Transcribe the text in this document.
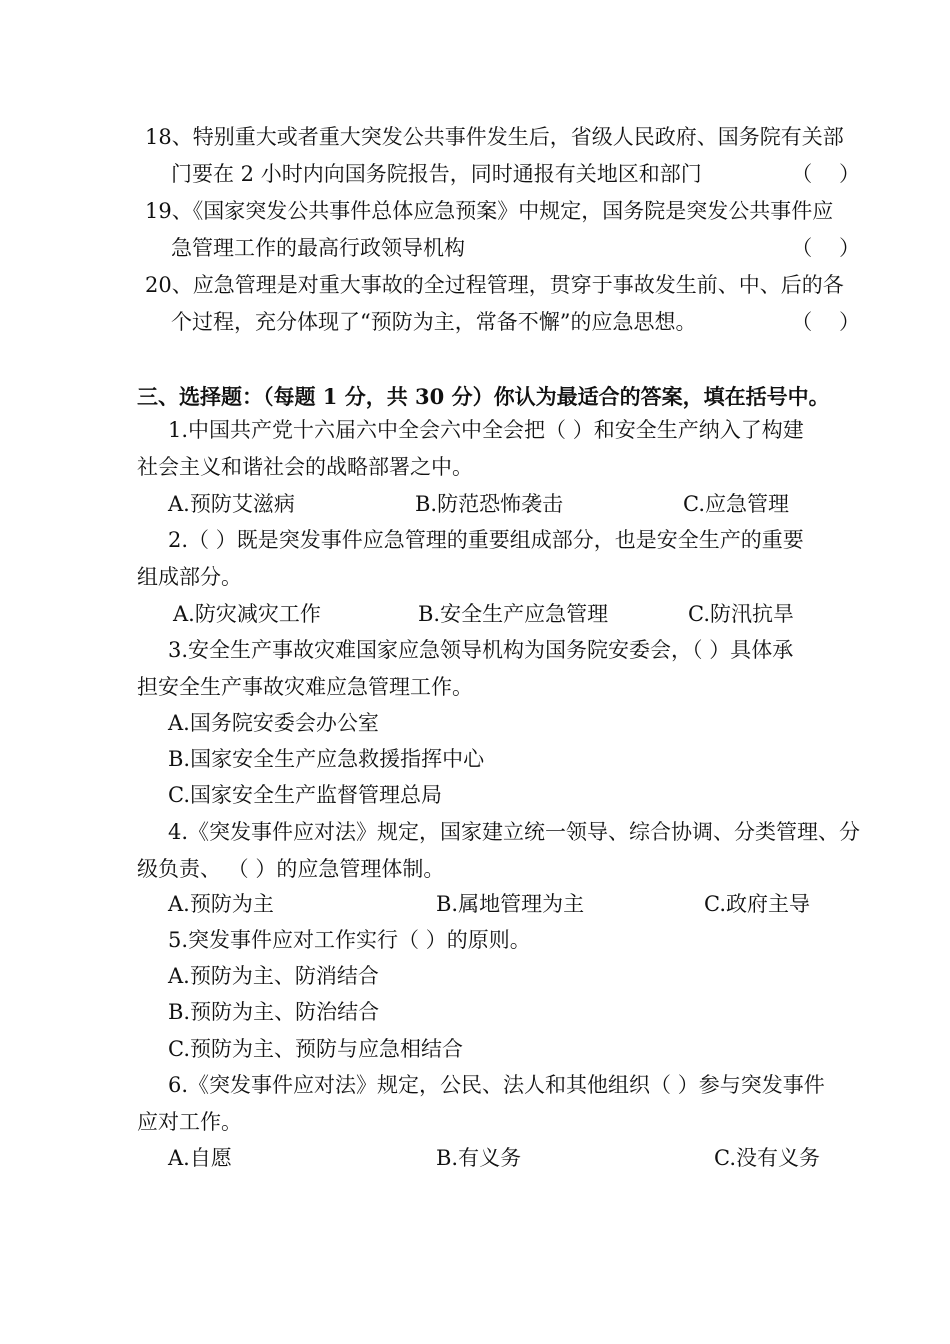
18、特别重大或者重大突发公共事件发生后，省级人民政府、国务院有关部
门要在 2 小时内向国务院报告，同时通报有关地区和部门	（    ）
19、《国家突发公共事件总体应急预案》中规定，国务院是突发公共事件应
急管理工作的最高行政领导机构	（    ）
20、应急管理是对重大事故的全过程管理，贯穿于事故发生前、中、后的各
个过程，充分体现了“预防为主，常备不懈”的应急思想。	（    ）
三、选择题：（每题 1 分，共 30 分）你认为最适合的答案，填在括号中。
1.中国共产党十六届六中全会六中全会把（ ）和安全生产纳入了构建
社会主义和谐社会的战略部署之中。
A.预防艾滋病	B.防范恐怖袭击	C.应急管理
2.（ ）既是突发事件应急管理的重要组成部分，也是安全生产的重要
组成部分。
A.防灾减灾工作	B.安全生产应急管理	C.防汛抗旱
3.安全生产事故灾难国家应急领导机构为国务院安委会，（ ）具体承
担安全生产事故灾难应急管理工作。
A.国务院安委会办公室
B.国家安全生产应急救援指挥中心
C.国家安全生产监督管理总局
4.《突发事件应对法》规定，国家建立统一领导、综合协调、分类管理、分
级负责、 （ ）的应急管理体制。
A.预防为主	B.属地管理为主	C.政府主导
5.突发事件应对工作实行（ ）的原则。
A.预防为主、防消结合
B.预防为主、防治结合
C.预防为主、预防与应急相结合
6.《突发事件应对法》规定，公民、法人和其他组织（ ）参与突发事件
应对工作。
A.自愿	B.有义务	C.没有义务
